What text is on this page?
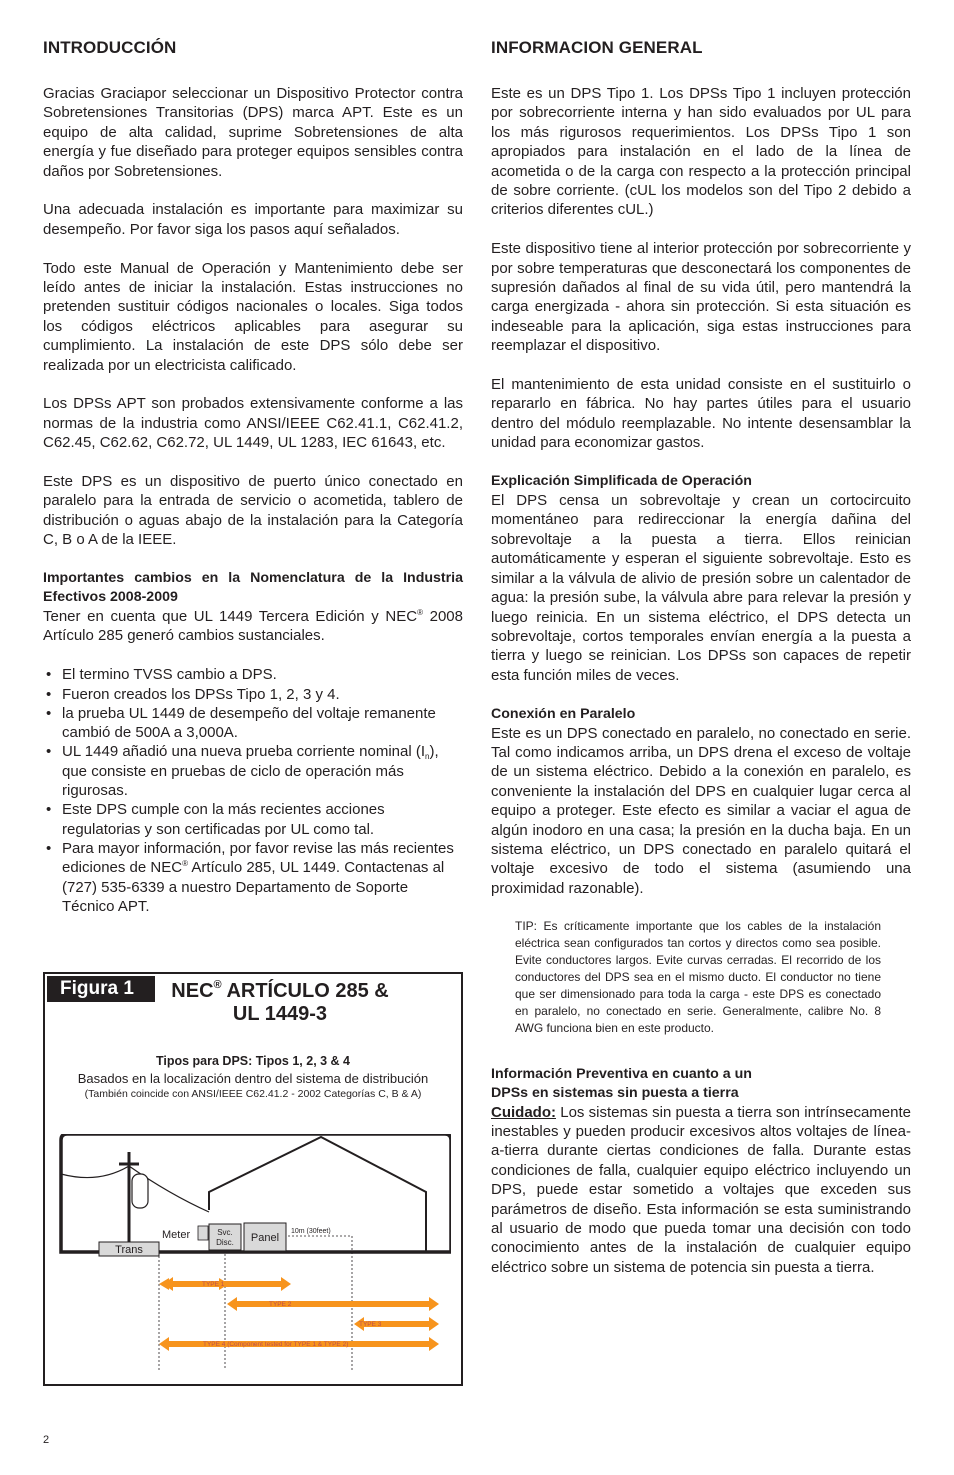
INTRODUCCIÓN

Gracias Graciapor seleccionar un Dispositivo Protector contra Sobretensiones Transitorias (DPS) marca APT. Este es un equipo de alta calidad, suprime Sobretensiones de alta energía y fue diseñado para proteger equipos sensibles contra daños por Sobretensiones.

Una adecuada instalación es importante para maximizar su desempeño. Por favor siga los pasos aquí señalados.

Todo este Manual de Operación y Mantenimiento debe ser leído antes de iniciar la instalación. Estas instrucciones no pretenden sustituir códigos nacionales o locales. Siga todos los códigos eléctricos aplicables para asegurar su cumplimiento. La instalación de este DPS sólo debe ser realizada por un electricista calificado.

Los DPSs APT son probados extensivamente conforme a las normas de la industria como ANSI/IEEE C62.41.1, C62.41.2, C62.45, C62.62, C62.72, UL 1449, UL 1283, IEC 61643, etc.

Este DPS es un dispositivo de puerto único conectado en paralelo para la entrada de servicio o acometida, tablero de distribución o aguas abajo de la instalación para la Categoría C, B o A de la IEEE.

Importantes cambios en la Nomenclatura de la Industria Efectivos 2008-2009

Tener en cuenta que UL 1449 Tercera Edición y NEC® 2008 Artículo 285 generó cambios sustanciales.

• El termino TVSS cambio a DPS.
• Fueron creados los DPSs Tipo 1, 2, 3 y 4.
• la prueba UL 1449 de desempeño del voltaje remanente cambió de 500A a 3,000A.
• UL 1449 añadió una nueva prueba corriente nominal $(I_n)$, que consiste en pruebas de ciclo de operación más rigurosas.
• Este DPS cumple con la más recientes acciones regulatorias y son certificadas por UL como tal.
• Para mayor información, por favor revise las más recientes ediciones de NEC® Artículo 285, UL 1449. Contactenas al (727) 535-6339 a nuestro Departamento de Soporte Técnico APT.
Figura 1	NEC® ARTÍCULO 285 &
UL 1449-3
Tipos para DPS: Tipos 1, 2, 3 & 4
Basados en la localización dentro del sistema de distribución
(También coincide con ANSI/IEEE C62.41.2 - 2002 Categorías C, B & A)
Trans
Meter	Svc.
Disc. Panel
10m (30feet)
TYPE 1
TYPE 2
TYPE 3
TYPE 4 (Component tested for TYPE 1 & TYPE 2)
INFORMACION GENERAL

Este es un DPS Tipo 1. Los DPSs Tipo 1 incluyen protección por sobrecorriente interna y han sido evaluados por UL para los más rigurosos requerimientos. Los DPSs Tipo 1 son apropiados para instalación en el lado de la línea de acometida o de la carga con respecto a la protección principal de sobre corriente. (cUL los modelos son del Tipo 2 debido a criterios diferentes cUL.)

Este dispositivo tiene al interior protección por sobrecorriente y por sobre temperaturas que desconectará los componentes de supresión dañados al final de su vida útil, pero mantendrá la carga energizada - ahora sin protección. Si esta situación es indeseable para la aplicación, siga estas instrucciones para reemplazar el dispositivo.

El mantenimiento de esta unidad consiste en el sustituirlo o repararlo en fábrica. No hay partes útiles para el usuario dentro del módulo reemplazable. No intente desensamblar la unidad para economizar gastos.

Explicación Simplificada de Operación

El DPS censa un sobrevoltaje y crean un cortocircuito momentáneo para redireccionar la energía dañina del sobrevoltaje a la puesta a tierra. Ellos reinician automáticamente y esperan el siguiente sobrevoltaje. Esto es similar a la válvula de alivio de presión sobre un calentador de agua: la presión sube, la válvula abre para relevar la presión y luego reinicia. En un sistema eléctrico, el DPS detecta un sobrevoltaje, cortos temporales envían energía a la puesta a tierra y luego se reinician. Los DPSs son capaces de repetir esta función miles de veces.

Conexión en Paralelo

Este es un DPS conectado en paralelo, no conectado en serie. Tal como indicamos arriba, un DPS drena el exceso de voltaje de un sistema eléctrico. Debido a la conexión en paralelo, es conveniente la instalación del DPS en cualquier lugar cerca al equipo a proteger. Este efecto es similar a vaciar el agua de algún inodoro en una casa; la presión en la ducha baja. En un sistema eléctrico, un DPS conectado en paralelo quitará el voltaje excesivo de todo el sistema (asumiendo una proximidad razonable).

TIP: Es críticamente importante que los cables de la instalación eléctrica sean configurados tan cortos y directos como sea posible. Evite conductores largos. Evite curvas cerradas. El recorrido de los conductores del DPS sea en el mismo ducto. El conductor no tiene que ser dimensionado para toda la carga - este DPS es conectado en paralelo, no conectado en serie. Generalmente, calibre No. 8 AWG funciona bien en este producto.
Información Preventiva en cuanto a un
DPSs en sistemas sin puesta a tierra

Cuidado: Los sistemas sin puesta a tierra son intrínsecamente inestables y pueden producir excesivos altos voltajes de línea-a-tierra durante ciertas condiciones de falla. Durante estas condiciones de falla, cualquier equipo eléctrico incluyendo un DPS, puede estar sometido a voltajes que exceden sus parámetros de diseño. Esta información se esta suministrando al usuario de modo que pueda tomar una decisión con todo conocimiento antes de la instalación de cualquier equipo eléctrico sobre un sistema de potencia sin puesta a tierra.

2
